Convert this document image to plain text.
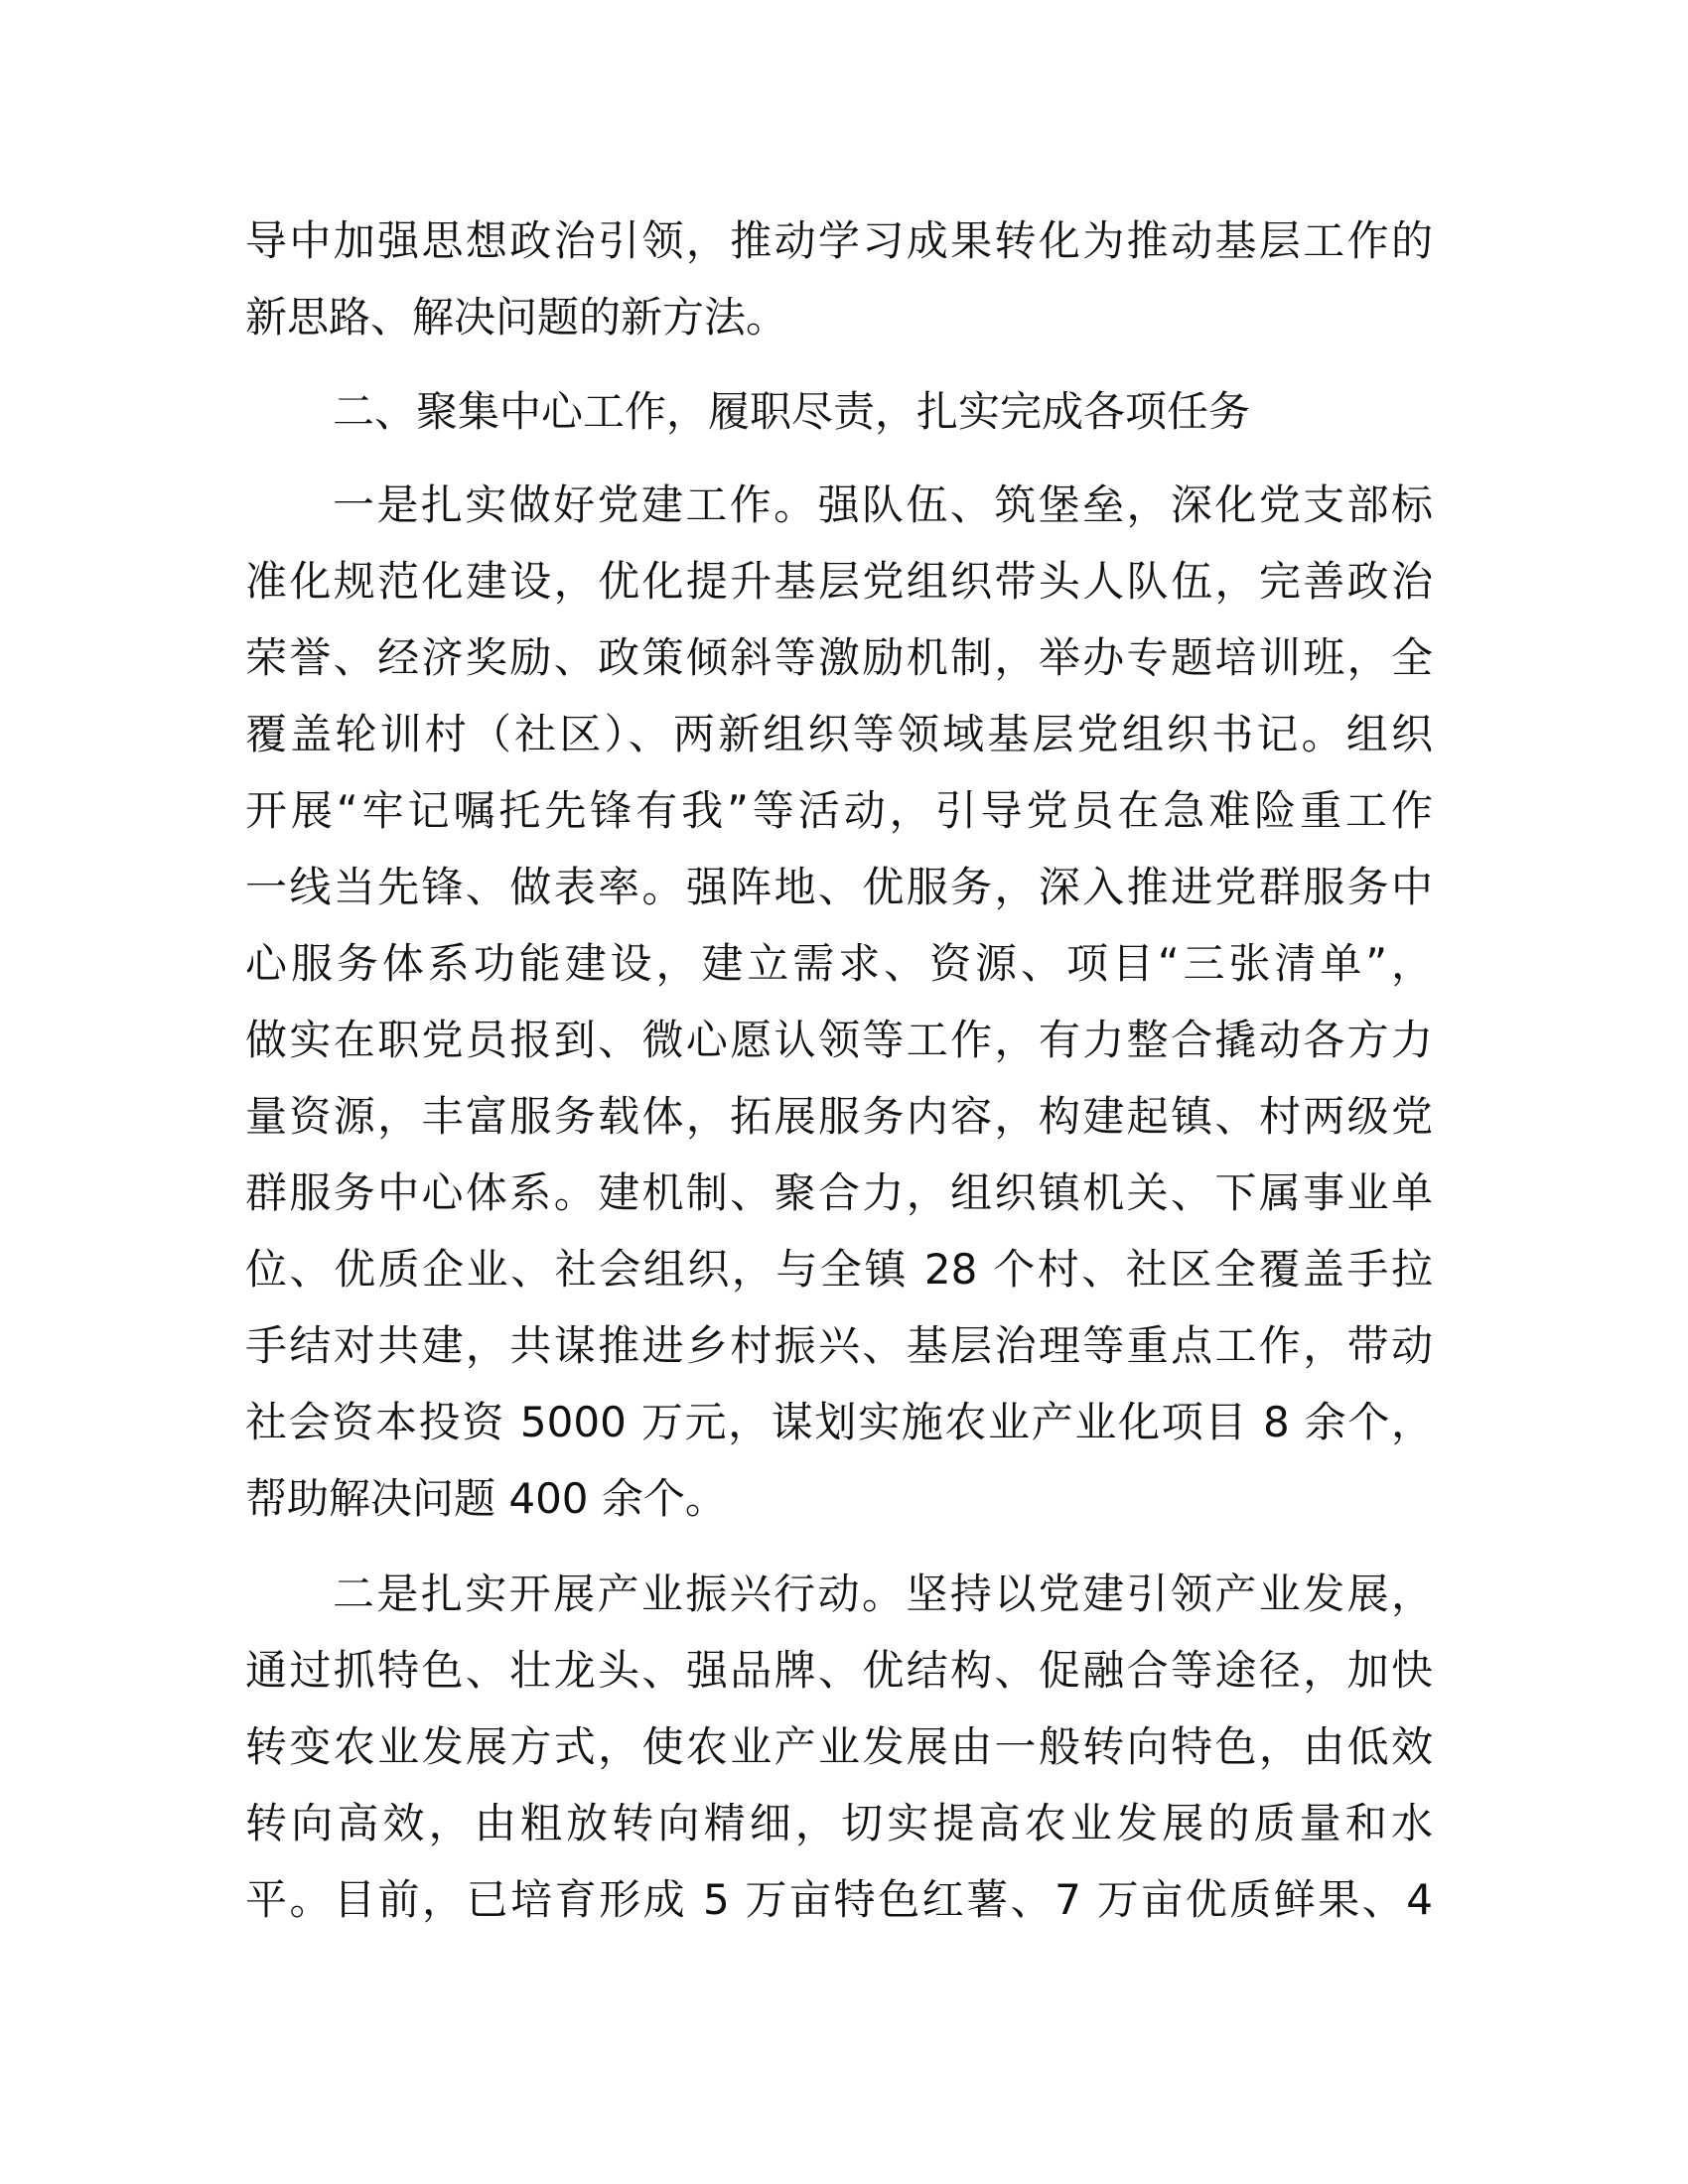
导中加强思想政治引领，推动学习成果转化为推动基层工作的
新思路、解决问题的新方法。
二、聚集中心工作，履职尽责，扎实完成各项任务
一是扎实做好党建工作。强队伍、筑堡垒，深化党支部标
准化规范化建设，优化提升基层党组织带头人队伍，完善政治
荣誉、经济奖励、政策倾斜等激励机制，举办专题培训班，全
覆盖轮训村（社区）、两新组织等领域基层党组织书记。组织
开展“牢记嘱托先锋有我”等活动，引导党员在急难险重工作
一线当先锋、做表率。强阵地、优服务，深入推进党群服务中
心服务体系功能建设，建立需求、资源、项目“三张清单”，
做实在职党员报到、微心愿认领等工作，有力整合撬动各方力
量资源，丰富服务载体，拓展服务内容，构建起镇、村两级党
群服务中心体系。建机制、聚合力，组织镇机关、下属事业单
位、优质企业、社会组织，与全镇 28 个村、社区全覆盖手拉
手结对共建，共谋推进乡村振兴、基层治理等重点工作，带动
社会资本投资 5000 万元，谋划实施农业产业化项目 8 余个，
帮助解决问题 400 余个。
二是扎实开展产业振兴行动。坚持以党建引领产业发展，
通过抓特色、壮龙头、强品牌、优结构、促融合等途径，加快
转变农业发展方式，使农业产业发展由一般转向特色，由低效
转向高效，由粗放转向精细，切实提高农业发展的质量和水
平。目前，已培育形成 5 万亩特色红薯、7 万亩优质鲜果、4
